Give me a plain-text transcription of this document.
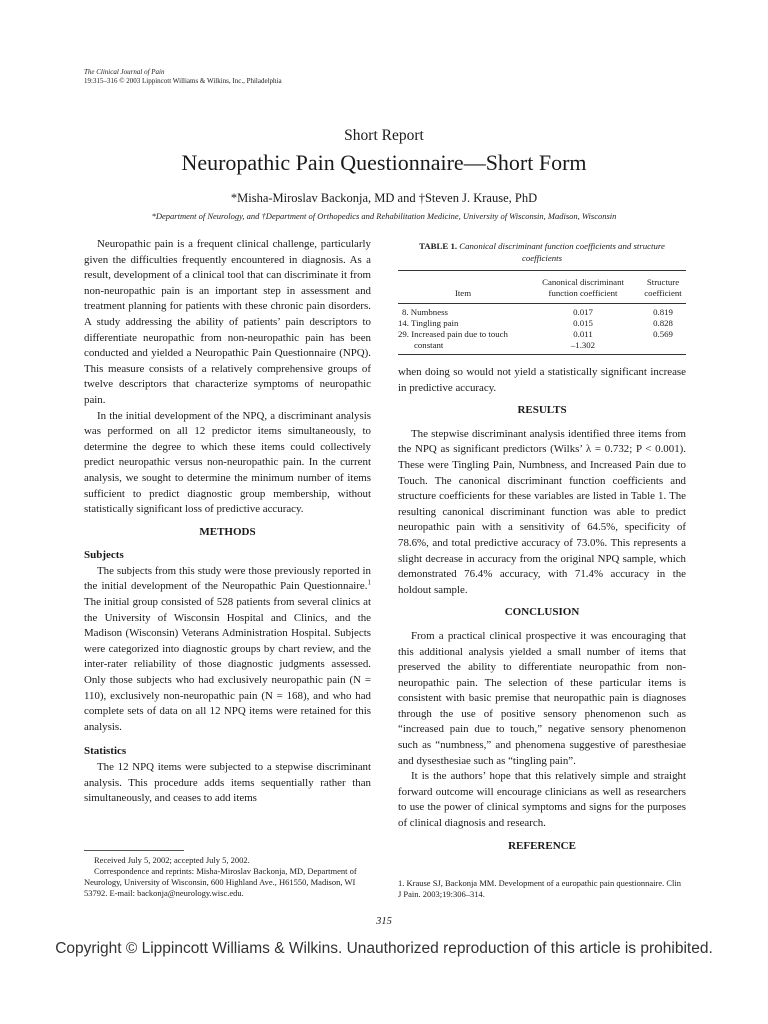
The Clinical Journal of Pain
19:315–316 © 2003 Lippincott Williams & Wilkins, Inc., Philadelphia
Short Report
Neuropathic Pain Questionnaire—Short Form
*Misha-Miroslav Backonja, MD and †Steven J. Krause, PhD
*Department of Neurology, and †Department of Orthopedics and Rehabilitation Medicine, University of Wisconsin, Madison, Wisconsin

Neuropathic pain is a frequent clinical challenge, particularly given the difficulties frequently encountered in diagnosis. As a result, development of a clinical tool that can discriminate it from non-neuropathic pain is an important step in assessment and treatment planning for patients with these chronic pain disorders. A study addressing the ability of patients’ pain descriptors to differentiate neuropathic from non-neuropathic pain has been conducted and yielded a Neuropathic Pain Questionnaire (NPQ). This measure consists of a relatively comprehensive groups of twelve descriptors that characterize symptoms of neuropathic pain.

In the initial development of the NPQ, a discriminant analysis was performed on all 12 predictor items simultaneously, to determine the degree to which these items could collectively predict neuropathic versus non-neuropathic pain. In the current analysis, we sought to determine the minimum number of items sufficient to predict diagnostic group membership, without statistically significant loss of predictive accuracy.

METHODS
Subjects

The subjects from this study were those previously reported in the initial development of the Neuropathic Pain Questionnaire.$^1$ The initial group consisted of 528 patients from several clinics at the University of Wisconsin Hospital and Clinics, and the Madison (Wisconsin) Veterans Administration Hospital. Subjects were categorized into diagnostic groups by chart review, and the inter-rater reliability of those diagnostic judgments assessed. Only those subjects who had exclusively neuropathic pain (N = 110), exclusively non-neuropathic pain (N = 168), and who had complete sets of data on all 12 NPQ items were retained for this analysis.

Statistics

The 12 NPQ items were subjected to a stepwise discriminant analysis. This procedure adds items sequentially rather than simultaneously, and ceases to add items

TABLE 1. Canonical discriminant function coefficients and structure coefficients
Item
Canonical discriminant
function coefficient
Structure
coefficient
8. Numbness	0.017	0.819
14. Tingling pain	0.015	0.828
29. Increased pain due to touch	0.011	0.569
constant	–1.302

when doing so would not yield a statistically significant increase in predictive accuracy.

RESULTS

The stepwise discriminant analysis identified three items from the NPQ as significant predictors (Wilks’ λ = 0.732; P < 0.001). These were Tingling Pain, Numbness, and Increased Pain due to Touch. The canonical discriminant function coefficients and structure coefficients for these variables are listed in Table 1. The resulting canonical discriminant function was able to predict neuropathic pain with a sensitivity of 64.5%, specificity of 78.6%, and total predictive accuracy of 73.0%. This represents a slight decrease in accuracy from the original NPQ sample, which demonstrated 76.4% accuracy, with 71.4% accuracy in the holdout sample.

CONCLUSION

From a practical clinical prospective it was encouraging that this additional analysis yielded a small number of items that preserved the ability to differentiate neuropathic from non-neuropathic pain. The selection of these particular items is consistent with basic premise that neuropathic pain is diagnoses through the use of positive sensory phenomenon such as “increased pain due to touch,” negative sensory phenomenon such as “numbness,” and phenomena suggestive of paresthesiae and dysesthesiae such as “tingling pain”.

It is the authors’ hope that this relatively simple and straight forward outcome will encourage clinicians as well as researchers to use the power of clinical symptoms and signs for the purposes of clinical diagnosis and research.

REFERENCE
1. Krause SJ, Backonja MM. Development of a europathic pain questionnaire. Clin J Pain. 2003;19:306–314.

Received July 5, 2002; accepted July 5, 2002.

Correspondence and reprints: Misha-Miroslav Backonja, MD, Department of Neurology, University of Wisconsin, 600 Highland Ave., H61550, Madison, WI 53792. E-mail: backonja@neurology.wisc.edu.

315
Copyright © Lippincott Williams & Wilkins. Unauthorized reproduction of this article is prohibited.
